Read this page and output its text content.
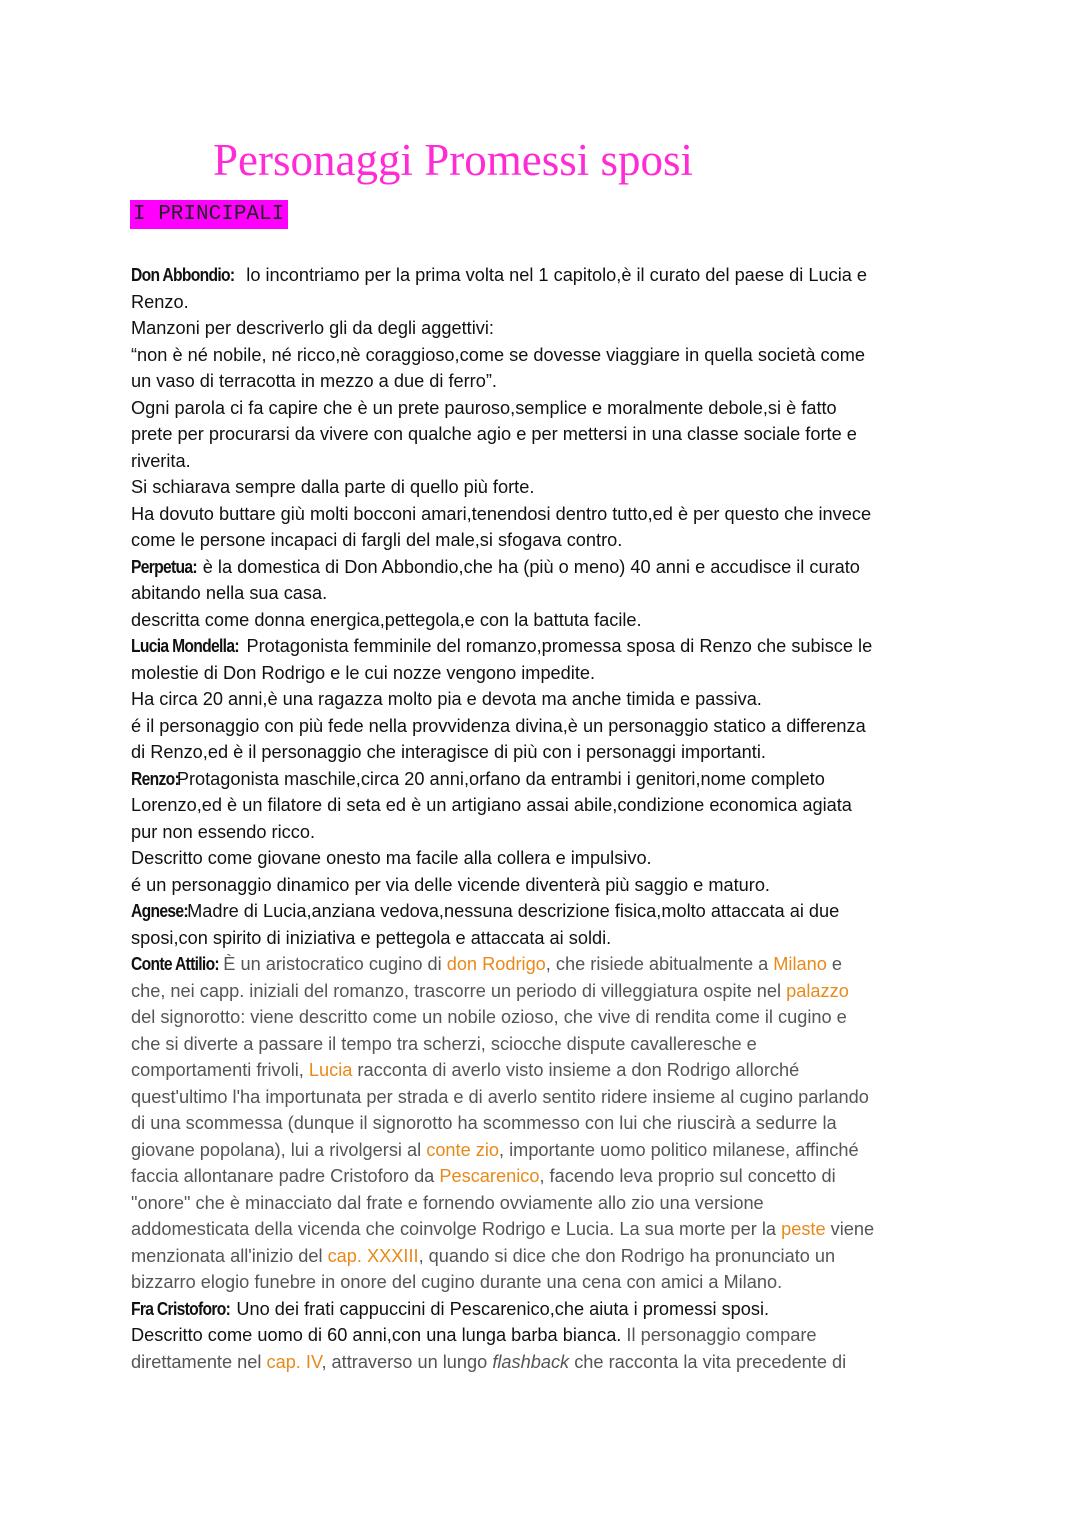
Personaggi Promessi sposi
I PRINCIPALI

Don Abbondio: lo incontriamo per la prima volta nel 1 capitolo,è il curato del paese di Lucia e

Renzo.

Manzoni per descriverlo gli da degli aggettivi:

“non è né nobile, né ricco,nè coraggioso,come se dovesse viaggiare in quella società come

un vaso di terracotta in mezzo a due di ferro”.

Ogni parola ci fa capire che è un prete pauroso,semplice e moralmente debole,si è fatto

prete per procurarsi da vivere con qualche agio e per mettersi in una classe sociale forte e

riverita.

Si schiarava sempre dalla parte di quello più forte.

Ha dovuto buttare giù molti bocconi amari,tenendosi dentro tutto,ed è per questo che invece

come le persone incapaci di fargli del male,si sfogava contro.

Perpetua: è la domestica di Don Abbondio,che ha (più o meno) 40 anni e accudisce il curato

abitando nella sua casa.

descritta come donna energica,pettegola,e con la battuta facile.

Lucia Mondella: Protagonista femminile del romanzo,promessa sposa di Renzo che subisce le

molestie di Don Rodrigo e le cui nozze vengono impedite.

Ha circa 20 anni,è una ragazza molto pia e devota ma anche timida e passiva.

é il personaggio con più fede nella provvidenza divina,è un personaggio statico a differenza

di Renzo,ed è il personaggio che interagisce di più con i personaggi importanti.

Renzo:Protagonista maschile,circa 20 anni,orfano da entrambi i genitori,nome completo

Lorenzo,ed è un filatore di seta ed è un artigiano assai abile,condizione economica agiata

pur non essendo ricco.

Descritto come giovane onesto ma facile alla collera e impulsivo.

é un personaggio dinamico per via delle vicende diventerà più saggio e maturo.

Agnese:Madre di Lucia,anziana vedova,nessuna descrizione fisica,molto attaccata ai due

sposi,con spirito di iniziativa e pettegola e attaccata ai soldi.

Conte Attilio: È un aristocratico cugino di don Rodrigo, che risiede abitualmente a Milano e

che, nei capp. iniziali del romanzo, trascorre un periodo di villeggiatura ospite nel palazzo

del signorotto: viene descritto come un nobile ozioso, che vive di rendita come il cugino e

che si diverte a passare il tempo tra scherzi, sciocche dispute cavalleresche e

comportamenti frivoli, Lucia racconta di averlo visto insieme a don Rodrigo allorché

quest'ultimo l'ha importunata per strada e di averlo sentito ridere insieme al cugino parlando

di una scommessa (dunque il signorotto ha scommesso con lui che riuscirà a sedurre la

giovane popolana), lui a rivolgersi al conte zio, importante uomo politico milanese, affinché

faccia allontanare padre Cristoforo da Pescarenico, facendo leva proprio sul concetto di

"onore" che è minacciato dal frate e fornendo ovviamente allo zio una versione

addomesticata della vicenda che coinvolge Rodrigo e Lucia. La sua morte per la peste viene

menzionata all'inizio del cap. XXXIII, quando si dice che don Rodrigo ha pronunciato un

bizzarro elogio funebre in onore del cugino durante una cena con amici a Milano.

Fra Cristoforo: Uno dei frati cappuccini di Pescarenico,che aiuta i promessi sposi.

Descritto come uomo di 60 anni,con una lunga barba bianca. Il personaggio compare

direttamente nel cap. IV, attraverso un lungo flashback che racconta la vita precedente di
